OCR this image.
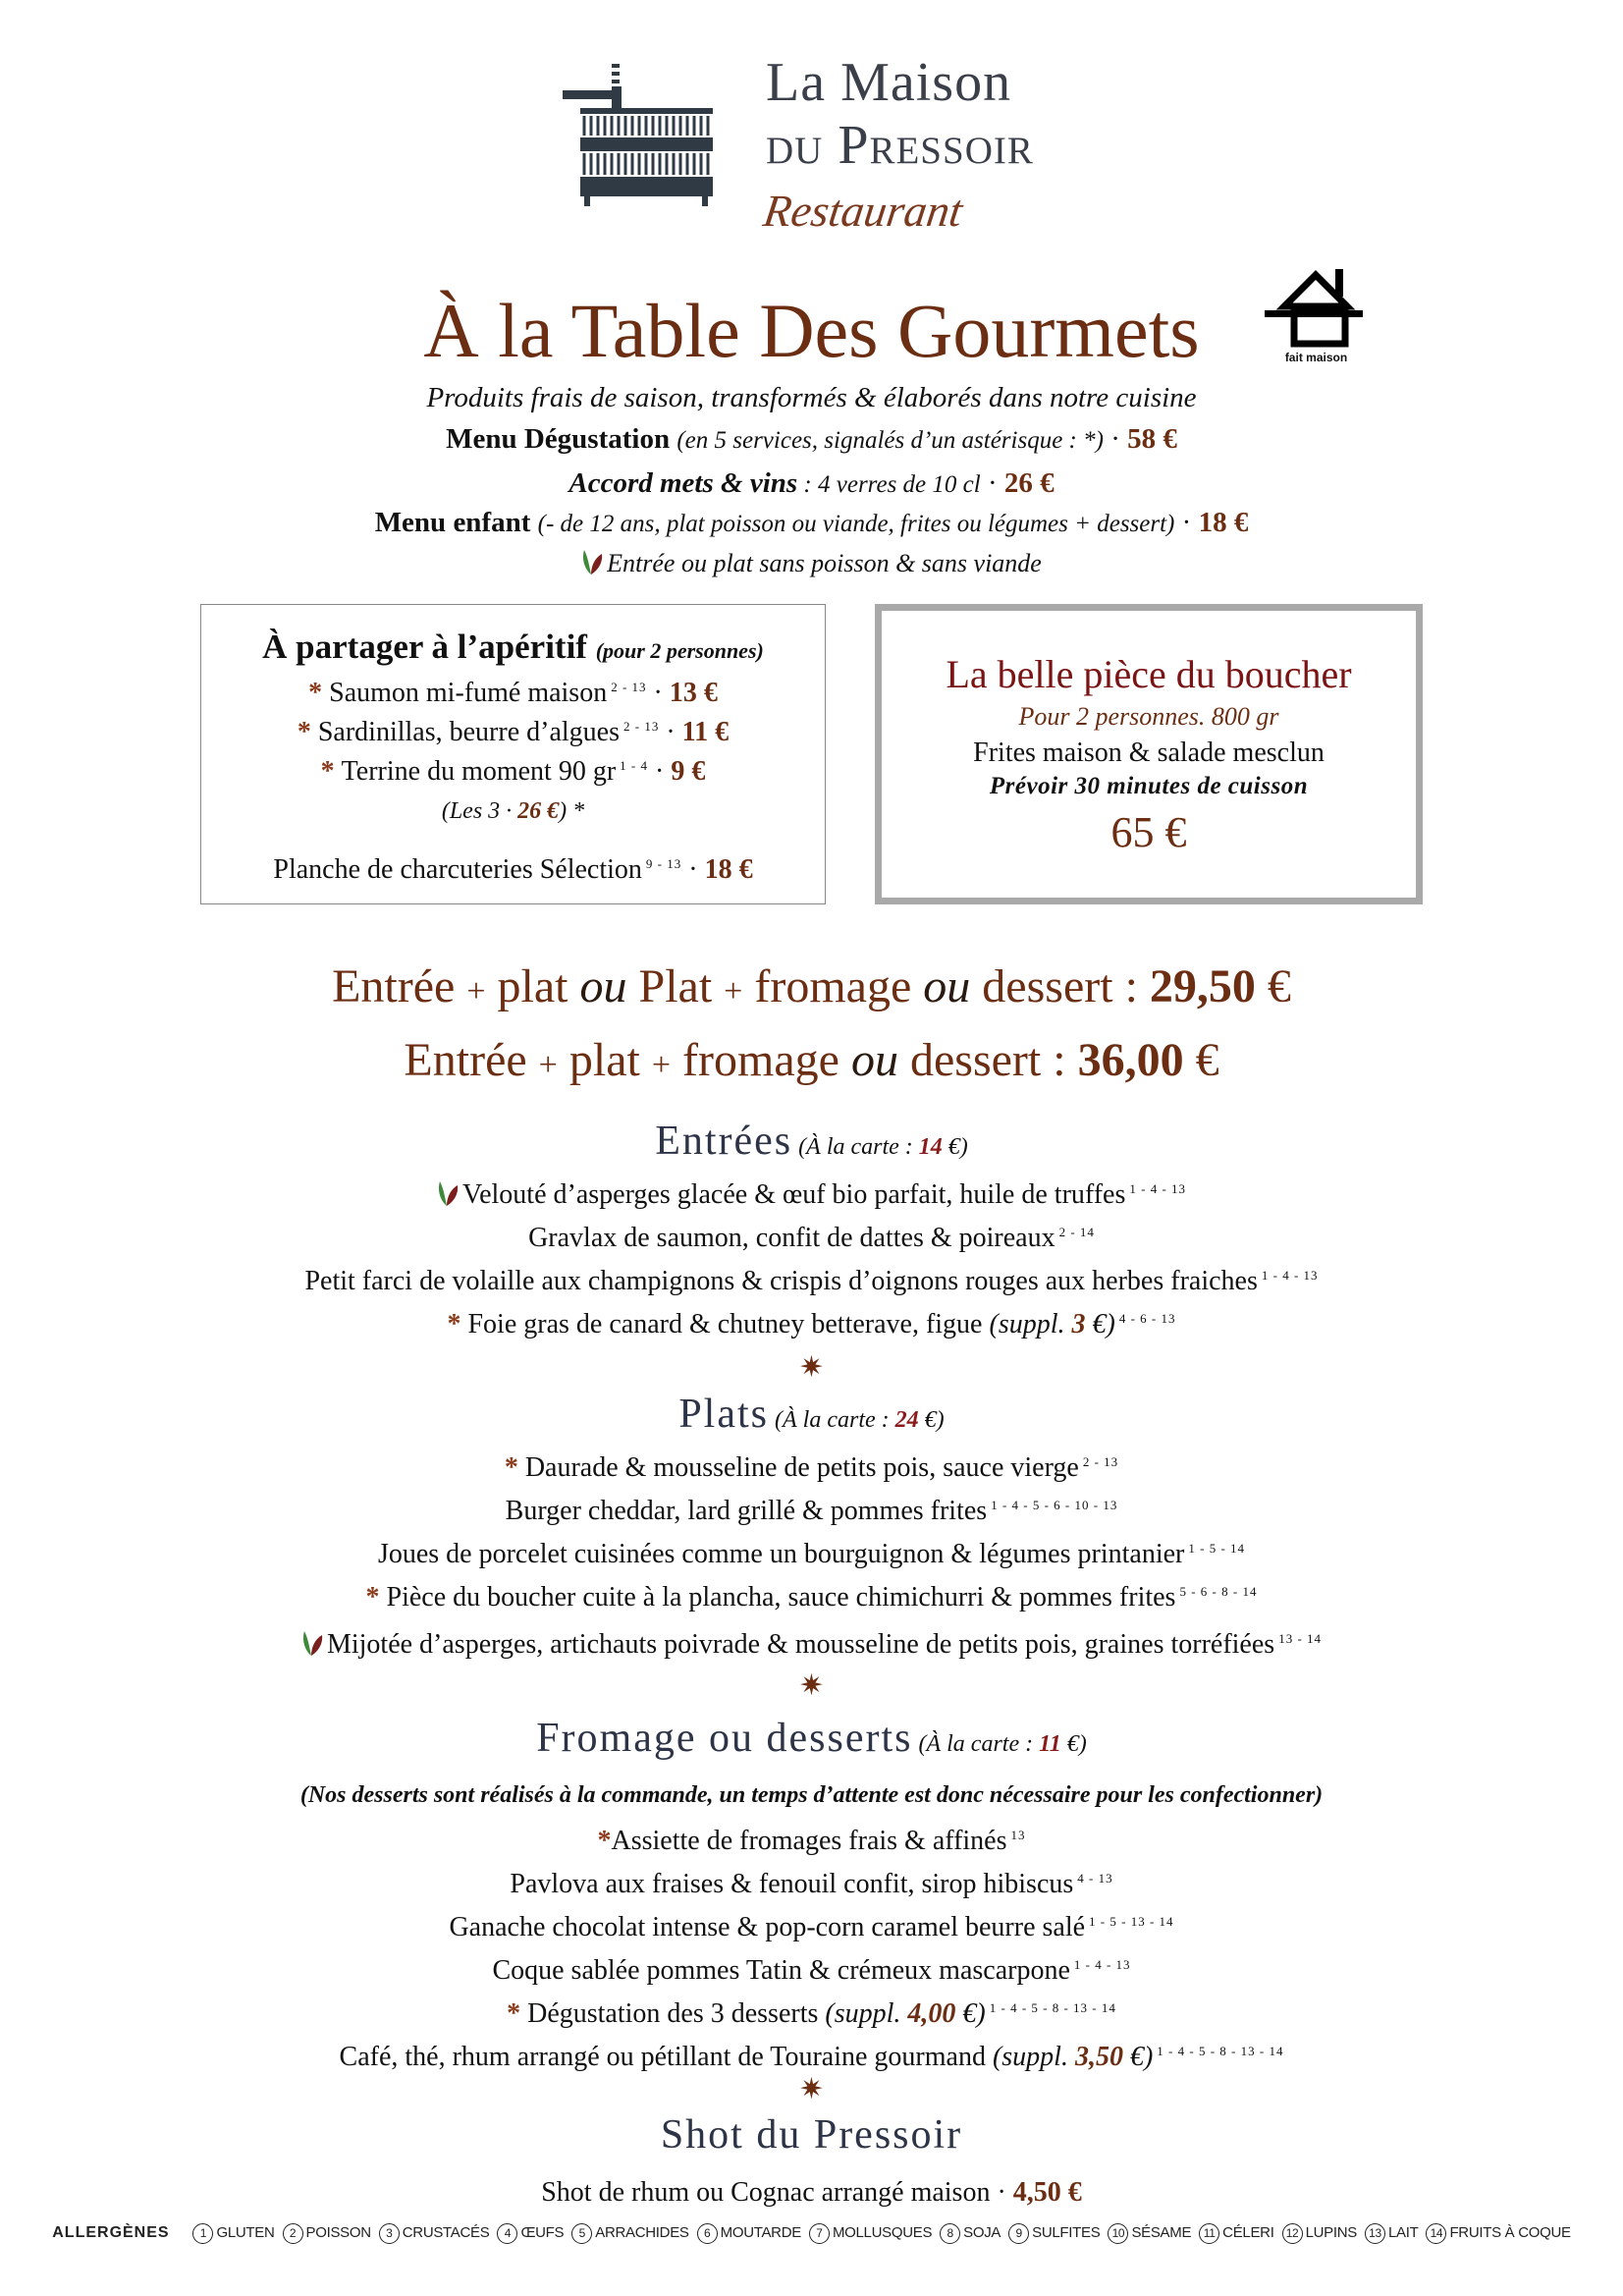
La Maison
du Pressoir
Restaurant
À la Table Des Gourmets	fait maison
Produits frais de saison, transformés & élaborés dans notre cuisine
Menu Dégustation (en 5 services, signalés d’un astérisque : *) · 58 €
Accord mets & vins : 4 verres de 10 cl · 26 €
Menu enfant (- de 12 ans, plat poisson ou viande, frites ou légumes + dessert) · 18 €
Entrée ou plat sans poisson & sans viande
À partager à l’apéritif (pour 2 personnes)
* Saumon mi-fumé maison $^{2 - 13}$ · 13 €
* Sardinillas, beurre d’algues $^{2 - 13}$ · 11 €
* Terrine du moment 90 gr $^{1 - 4}$ · 9 €
(Les 3 · 26 €) *
Planche de charcuteries Sélection $^{9 - 13}$ · 18 €
La belle pièce du boucher
Pour 2 personnes. 800 gr
Frites maison & salade mesclun
Prévoir 30 minutes de cuisson
65 €
Entrée + plat ou Plat + fromage ou dessert : 29,50 €
Entrée + plat + fromage ou dessert : 36,00 €
Entrées (À la carte : 14 €)
Velouté d’asperges glacée & œuf bio parfait, huile de truffes $^{1 - 4 - 13}$
Gravlax de saumon, confit de dattes & poireaux $^{2 - 14}$
Petit farci de volaille aux champignons & crispis d’oignons rouges aux herbes fraiches $^{1 - 4 - 13}$
* Foie gras de canard & chutney betterave, figue (suppl. 3 €) $^{4 - 6 - 13}$
✷
Plats (À la carte : 24 €)
* Daurade & mousseline de petits pois, sauce vierge $^{2 - 13}$
Burger cheddar, lard grillé & pommes frites $^{1 - 4 - 5 - 6 - 10 - 13}$
Joues de porcelet cuisinées comme un bourguignon & légumes printanier $^{1 - 5 - 14}$
* Pièce du boucher cuite à la plancha, sauce chimichurri & pommes frites $^{5 - 6 - 8 - 14}$
Mijotée d’asperges, artichauts poivrade & mousseline de petits pois, graines torréfiées $^{13 - 14}$
✷
Fromage ou desserts (À la carte : 11 €)
(Nos desserts sont réalisés à la commande, un temps d’attente est donc nécessaire pour les confectionner)
*Assiette de fromages frais & affinés $^{13}$
Pavlova aux fraises & fenouil confit, sirop hibiscus $^{4 - 13}$
Ganache chocolat intense & pop-corn caramel beurre salé $^{1 - 5 - 13 - 14}$
Coque sablée pommes Tatin & crémeux mascarpone $^{1 - 4 - 13}$
* Dégustation des 3 desserts (suppl. 4,00 €) $^{1 - 4 - 5 - 8 - 13 - 14}$
Café, thé, rhum arrangé ou pétillant de Touraine gourmand (suppl. 3,50 €) $^{1 - 4 - 5 - 8 - 13 - 14}$
✷
Shot du Pressoir
Shot de rhum ou Cognac arrangé maison · 4,50 €
ALLERGÈNES	1 GLUTEN 2 POISSON 3 CRUSTACÉS 4 ŒUFS 5 ARRACHIDES 6 MOUTARDE 7 MOLLUSQUES 8 SOJA 9 SULFITES 10 SÉSAME 11 CÉLERI 12 LUPINS 13 LAIT 14 FRUITS À COQUE
